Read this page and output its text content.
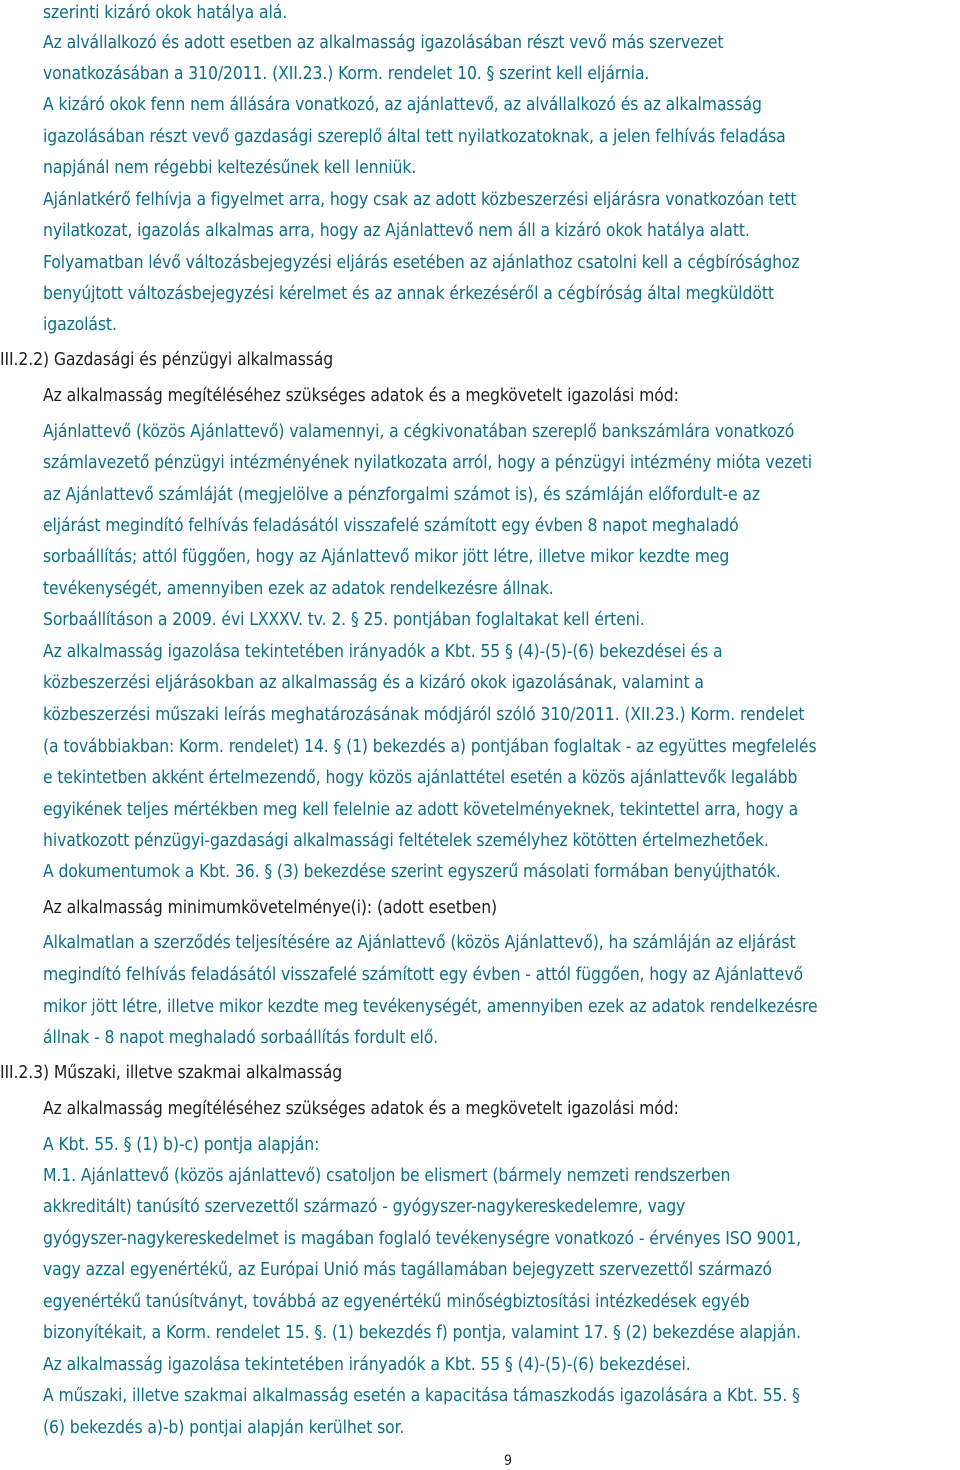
szerinti kizáró okok hatálya alá.
Az alvállalkozó és adott esetben az alkalmasság igazolásában részt vevő más szervezet
vonatkozásában a 310/2011. (XII.23.) Korm. rendelet 10. § szerint kell eljárnia.
A kizáró okok fenn nem állására vonatkozó, az ajánlattevő, az alvállalkozó és az alkalmasság
igazolásában részt vevő gazdasági szereplő által tett nyilatkozatoknak, a jelen felhívás feladása
napjánál nem régebbi keltezésűnek kell lenniük.
Ajánlatkérő felhívja a figyelmet arra, hogy csak az adott közbeszerzési eljárásra vonatkozóan tett
nyilatkozat, igazolás alkalmas arra, hogy az Ajánlattevő nem áll a kizáró okok hatálya alatt.
Folyamatban lévő változásbejegyzési eljárás esetében az ajánlathoz csatolni kell a cégbírósághoz
benyújtott változásbejegyzési kérelmet és az annak érkezéséről a cégbíróság által megküldött
igazolást.
III.2.2) Gazdasági és pénzügyi alkalmasság
Az alkalmasság megítéléséhez szükséges adatok és a megkövetelt igazolási mód:
Ajánlattevő (közös Ajánlattevő) valamennyi, a cégkivonatában szereplő bankszámlára vonatkozó
számlavezető pénzügyi intézményének nyilatkozata arról, hogy a pénzügyi intézmény mióta vezeti
az Ajánlattevő számláját (megjelölve a pénzforgalmi számot is), és számláján előfordult-e az
eljárást megindító felhívás feladásától visszafelé számított egy évben 8 napot meghaladó
sorbaállítás; attól függően, hogy az Ajánlattevő mikor jött létre, illetve mikor kezdte meg
tevékenységét, amennyiben ezek az adatok rendelkezésre állnak.
Sorbaállításon a 2009. évi LXXXV. tv. 2. § 25. pontjában foglaltakat kell érteni.
Az alkalmasság igazolása tekintetében irányadók a Kbt. 55 § (4)-(5)-(6) bekezdései és a
közbeszerzési eljárásokban az alkalmasság és a kizáró okok igazolásának, valamint a
közbeszerzési műszaki leírás meghatározásának módjáról szóló 310/2011. (XII.23.) Korm. rendelet
(a továbbiakban: Korm. rendelet) 14. § (1) bekezdés a) pontjában foglaltak - az együttes megfelelés
e tekintetben akként értelmezendő, hogy közös ajánlattétel esetén a közös ajánlattevők legalább
egyikének teljes mértékben meg kell felelnie az adott követelményeknek, tekintettel arra, hogy a
hivatkozott pénzügyi-gazdasági alkalmassági feltételek személyhez kötötten értelmezhetőek.
A dokumentumok a Kbt. 36. § (3) bekezdése szerint egyszerű másolati formában benyújthatók.
Az alkalmasság minimumkövetelménye(i): (adott esetben)
Alkalmatlan a szerződés teljesítésére az Ajánlattevő (közös Ajánlattevő), ha számláján az eljárást
megindító felhívás feladásától visszafelé számított egy évben - attól függően, hogy az Ajánlattevő
mikor jött létre, illetve mikor kezdte meg tevékenységét, amennyiben ezek az adatok rendelkezésre
állnak - 8 napot meghaladó sorbaállítás fordult elő.
III.2.3) Műszaki, illetve szakmai alkalmasság
Az alkalmasság megítéléséhez szükséges adatok és a megkövetelt igazolási mód:
A Kbt. 55. § (1) b)-c) pontja alapján:
M.1. Ajánlattevő (közös ajánlattevő) csatoljon be elismert (bármely nemzeti rendszerben
akkreditált) tanúsító szervezettől származó - gyógyszer-nagykereskedelemre, vagy
gyógyszer-nagykereskedelmet is magában foglaló tevékenységre vonatkozó - érvényes ISO 9001,
vagy azzal egyenértékű, az Európai Unió más tagállamában bejegyzett szervezettől származó
egyenértékű tanúsítványt, továbbá az egyenértékű minőségbiztosítási intézkedések egyéb
bizonyítékait, a Korm. rendelet 15. §. (1) bekezdés f) pontja, valamint 17. § (2) bekezdése alapján.
Az alkalmasság igazolása tekintetében irányadók a Kbt. 55 § (4)-(5)-(6) bekezdései.
A műszaki, illetve szakmai alkalmasság esetén a kapacitása támaszkodás igazolására a Kbt. 55. §
(6) bekezdés a)-b) pontjai alapján kerülhet sor.
9
